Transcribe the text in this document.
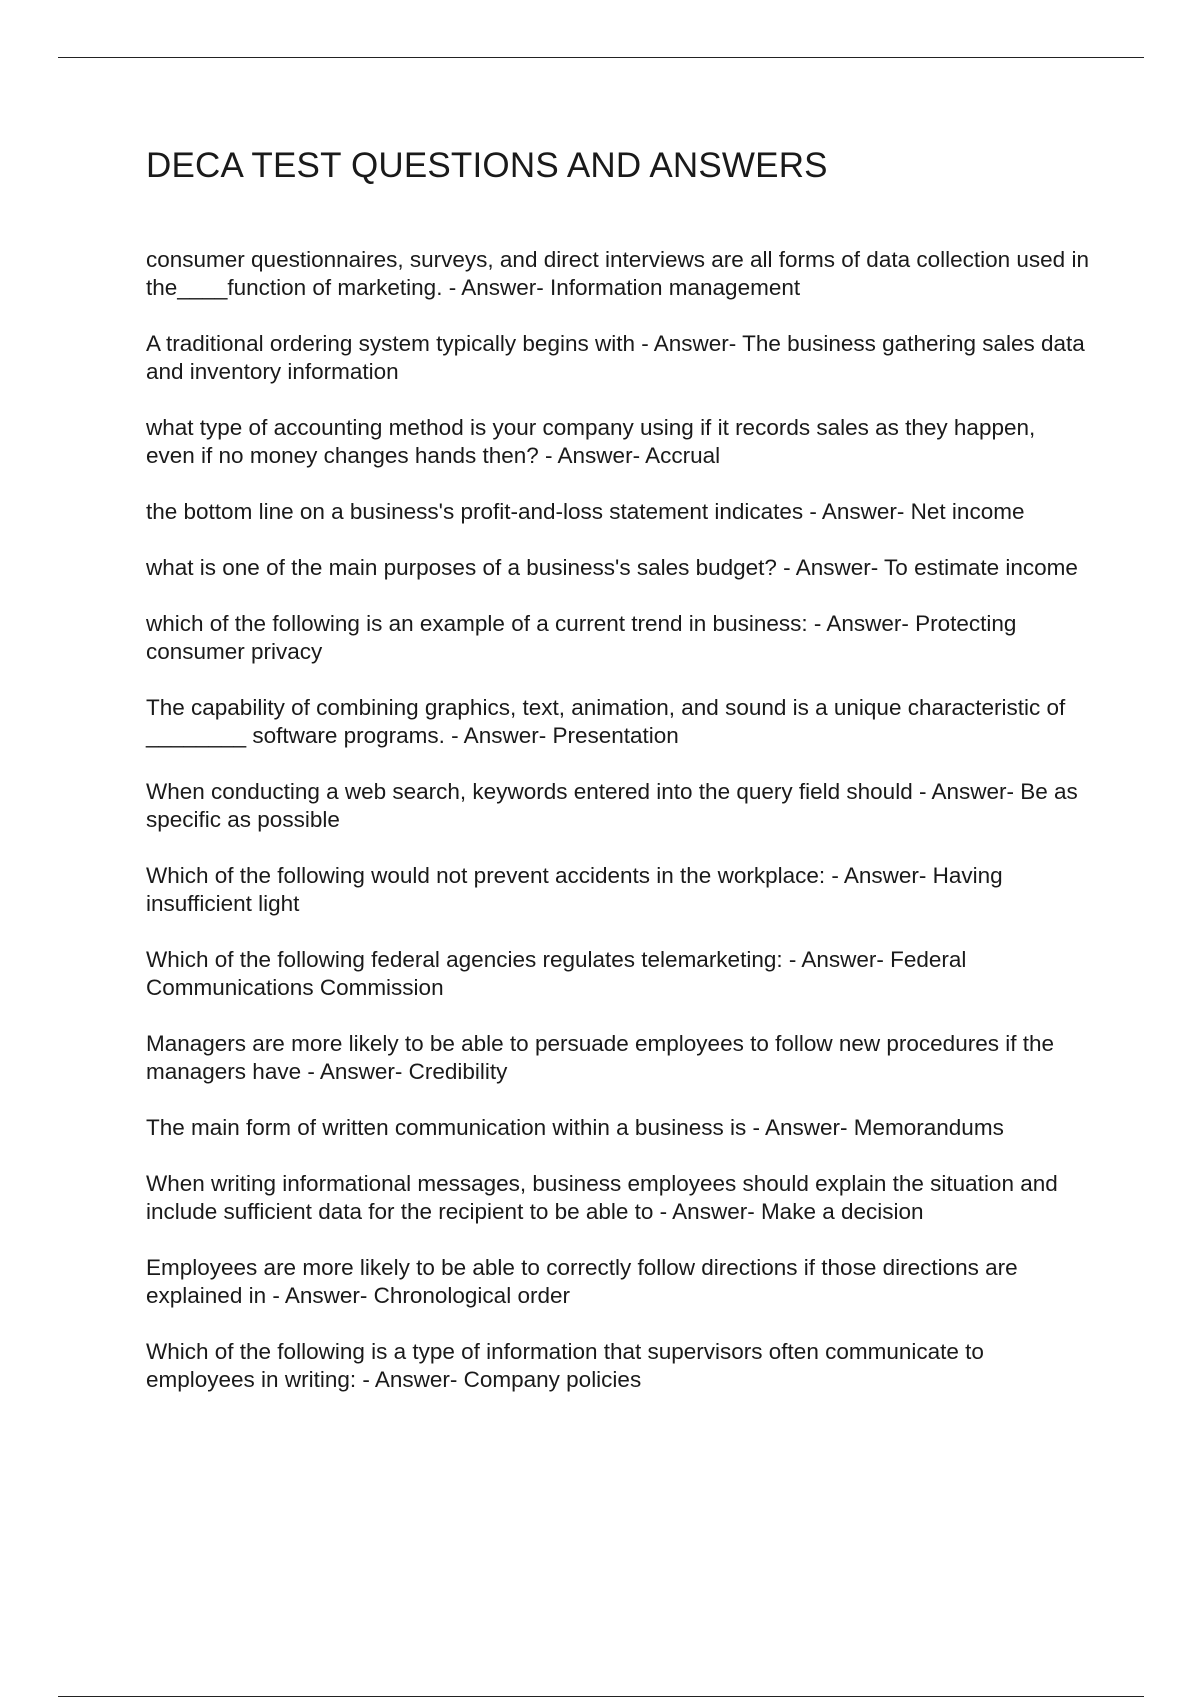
DECA TEST QUESTIONS AND ANSWERS
consumer questionnaires, surveys, and direct interviews are all forms of data collection used in the____function of marketing. - Answer- Information management
A traditional ordering system typically begins with - Answer- The business gathering sales data and inventory information
what type of accounting method is your company using if it records sales as they happen, even if no money changes hands then? - Answer- Accrual
the bottom line on a business's profit-and-loss statement indicates - Answer- Net income
what is one of the main purposes of a business's sales budget? - Answer- To estimate income
which of the following is an example of a current trend in business: - Answer- Protecting consumer privacy
The capability of combining graphics, text, animation, and sound is a unique characteristic of ________ software programs. - Answer- Presentation
When conducting a web search, keywords entered into the query field should - Answer- Be as specific as possible
Which of the following would not prevent accidents in the workplace: - Answer- Having insufficient light
Which of the following federal agencies regulates telemarketing: - Answer- Federal Communications Commission
Managers are more likely to be able to persuade employees to follow new procedures if the managers have - Answer- Credibility
The main form of written communication within a business is - Answer- Memorandums
When writing informational messages, business employees should explain the situation and include sufficient data for the recipient to be able to - Answer- Make a decision
Employees are more likely to be able to correctly follow directions if those directions are explained in - Answer- Chronological order
Which of the following is a type of information that supervisors often communicate to employees in writing: - Answer- Company policies
